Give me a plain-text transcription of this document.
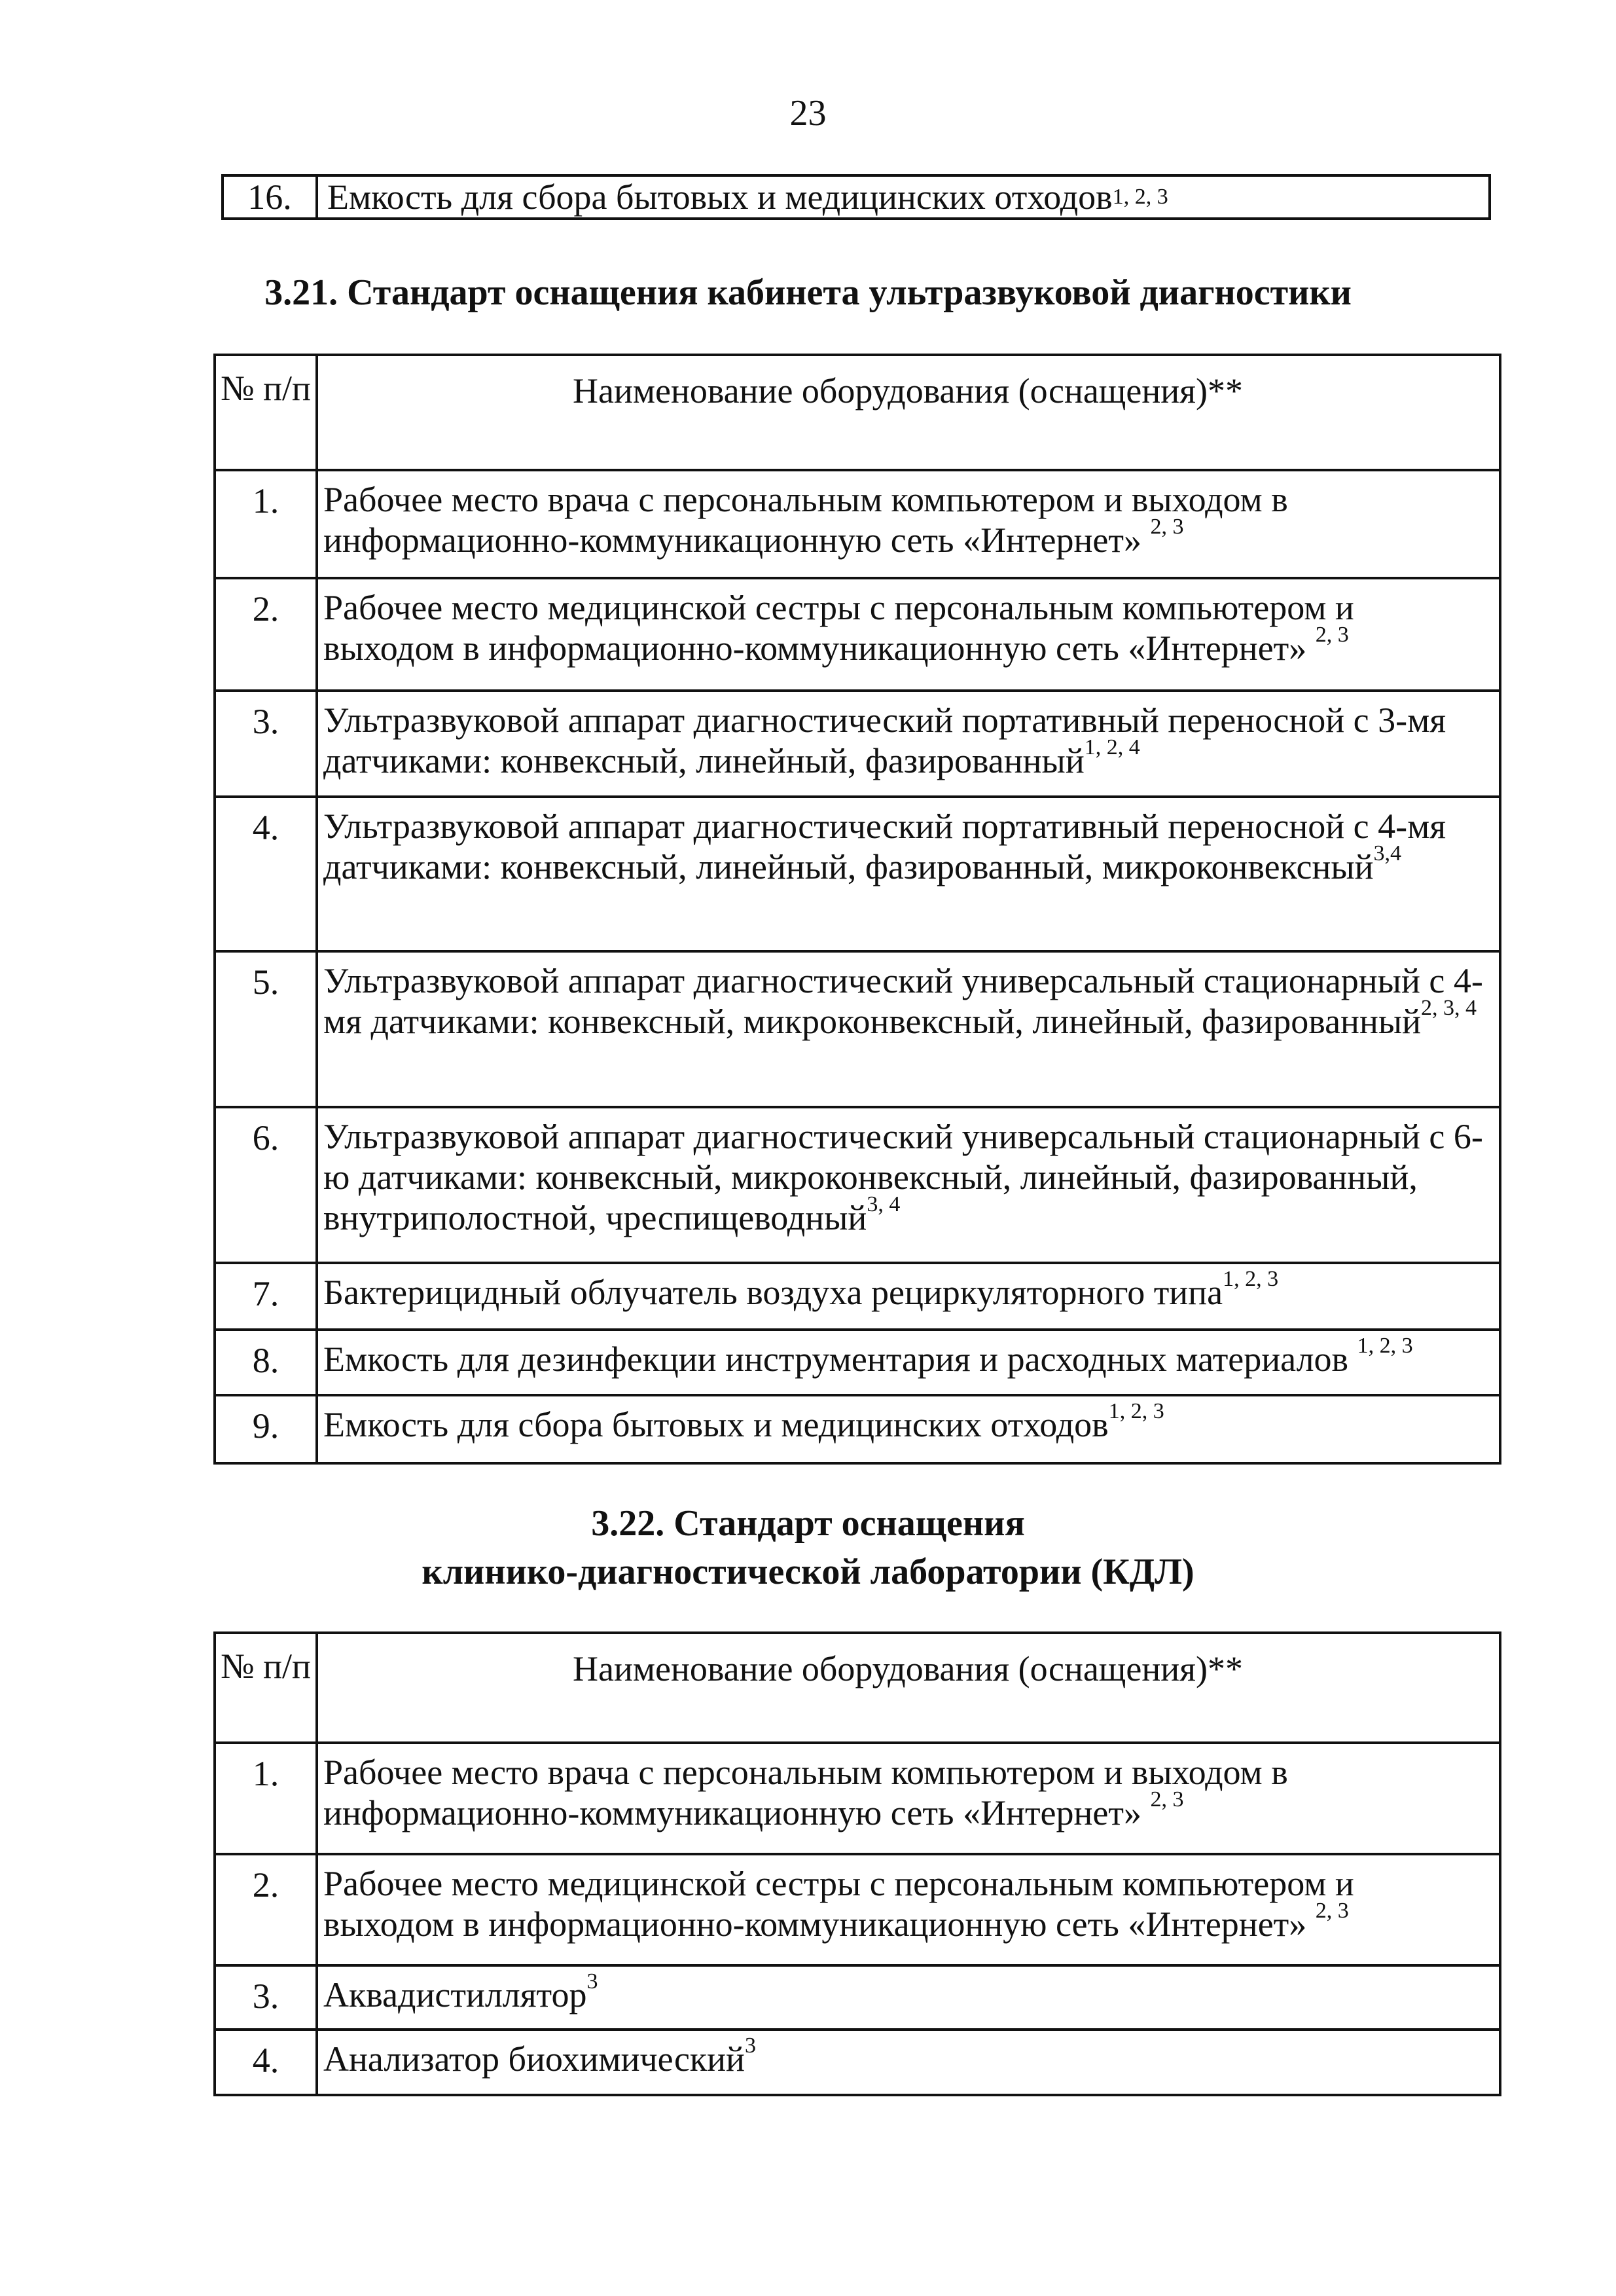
23
16.	Емкость для сбора бытовых и медицинских отходов 1, 2, 3
3.21. Стандарт оснащения кабинета ультразвуковой диагностики
№ п/п	Наименование оборудования (оснащения)**
1.	Рабочее место врача с персональным компьютером и выходом в информационно-коммуникационную сеть «Интернет» $^{2, 3}$
2.	Рабочее место медицинской сестры с персональным компьютером и выходом в информационно-коммуникационную сеть «Интернет» $^{2, 3}$
3.	Ультразвуковой аппарат диагностический портативный переносной с 3-мя датчиками: конвексный, линейный, фазированный$^{1, 2, 4}$
4.	Ультразвуковой аппарат диагностический портативный переносной с 4-мя датчиками: конвексный, линейный, фазированный, микроконвексный$^{3,4}$
5.	Ультразвуковой аппарат диагностический универсальный стационарный с 4-мя датчиками: конвексный, микроконвексный, линейный, фазированный$^{2, 3, 4}$
6.	Ультразвуковой аппарат диагностический универсальный стационарный с 6-ю датчиками: конвексный, микроконвексный, линейный, фазированный, внутриполостной, чреспищеводный$^{3, 4}$
7.	Бактерицидный облучатель воздуха рециркуляторного типа$^{1, 2, 3}$
8.	Емкость для дезинфекции инструментария и расходных материалов $^{1, 2, 3}$
9.	Емкость для сбора бытовых и медицинских отходов$^{1, 2, 3}$
3.22. Стандарт оснащения
клинико-диагностической лаборатории (КДЛ)
№ п/п	Наименование оборудования (оснащения)**
1.	Рабочее место врача с персональным компьютером и выходом в информационно-коммуникационную сеть «Интернет» $^{2, 3}$
2.	Рабочее место медицинской сестры с персональным компьютером и выходом в информационно-коммуникационную сеть «Интернет» $^{2, 3}$
3.	Аквадистиллятор$^3$
4.	Анализатор биохимический$^3$
